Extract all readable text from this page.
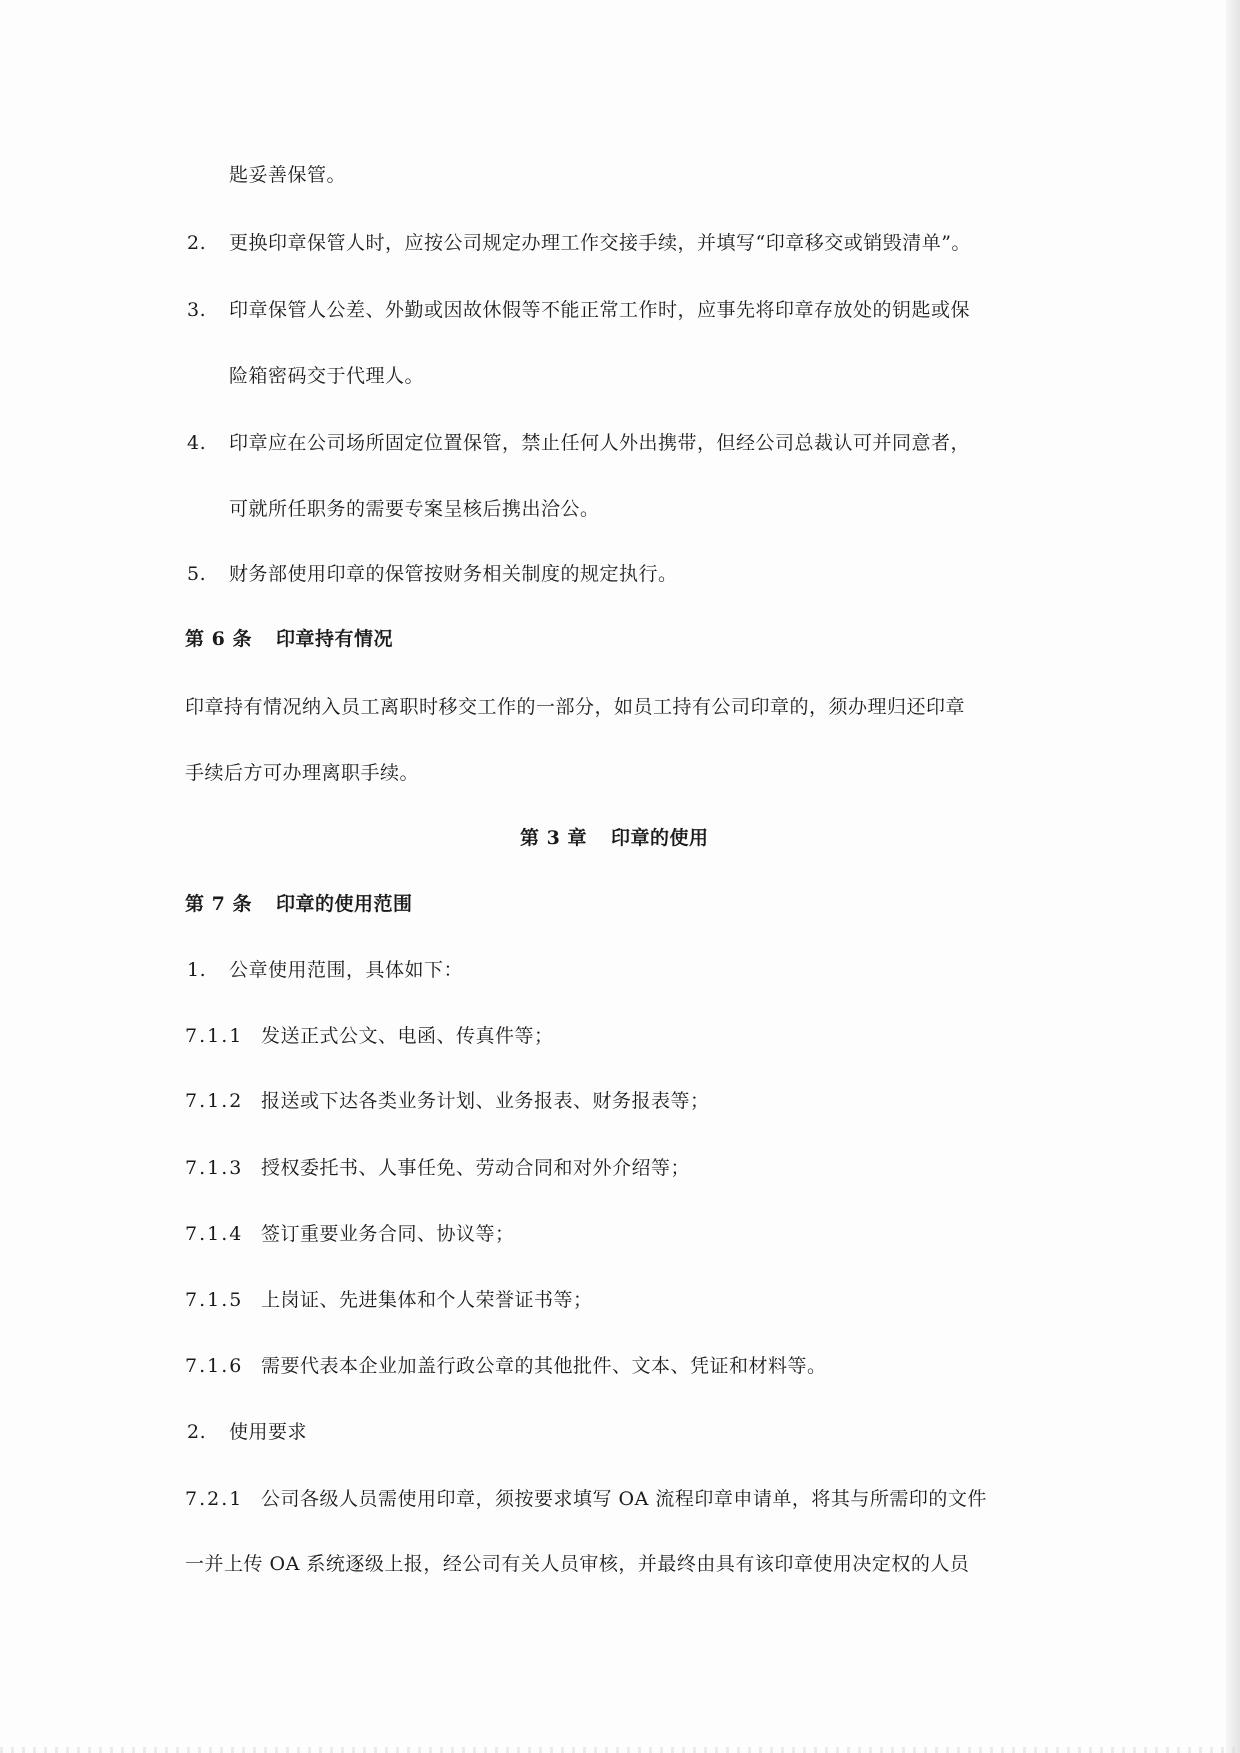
匙妥善保管。
2. 更换印章保管人时，应按公司规定办理工作交接手续，并填写“印章移交或销毁清单”。
3. 印章保管人公差、外勤或因故休假等不能正常工作时，应事先将印章存放处的钥匙或保
险箱密码交于代理人。
4. 印章应在公司场所固定位置保管，禁止任何人外出携带，但经公司总裁认可并同意者，
可就所任职务的需要专案呈核后携出洽公。
5. 财务部使用印章的保管按财务相关制度的规定执行。
第 6 条 印章持有情况
印章持有情况纳入员工离职时移交工作的一部分，如员工持有公司印章的，须办理归还印章
手续后方可办理离职手续。
第 3 章 印章的使用
第 7 条 印章的使用范围
1. 公章使用范围，具体如下：
7.1.1 发送正式公文、电函、传真件等；
7.1.2 报送或下达各类业务计划、业务报表、财务报表等；
7.1.3 授权委托书、人事任免、劳动合同和对外介绍等；
7.1.4 签订重要业务合同、协议等；
7.1.5 上岗证、先进集体和个人荣誉证书等；
7.1.6 需要代表本企业加盖行政公章的其他批件、文本、凭证和材料等。
2. 使用要求
7.2.1 公司各级人员需使用印章，须按要求填写 OA 流程印章申请单，将其与所需印的文件
一并上传 OA 系统逐级上报，经公司有关人员审核，并最终由具有该印章使用决定权的人员
